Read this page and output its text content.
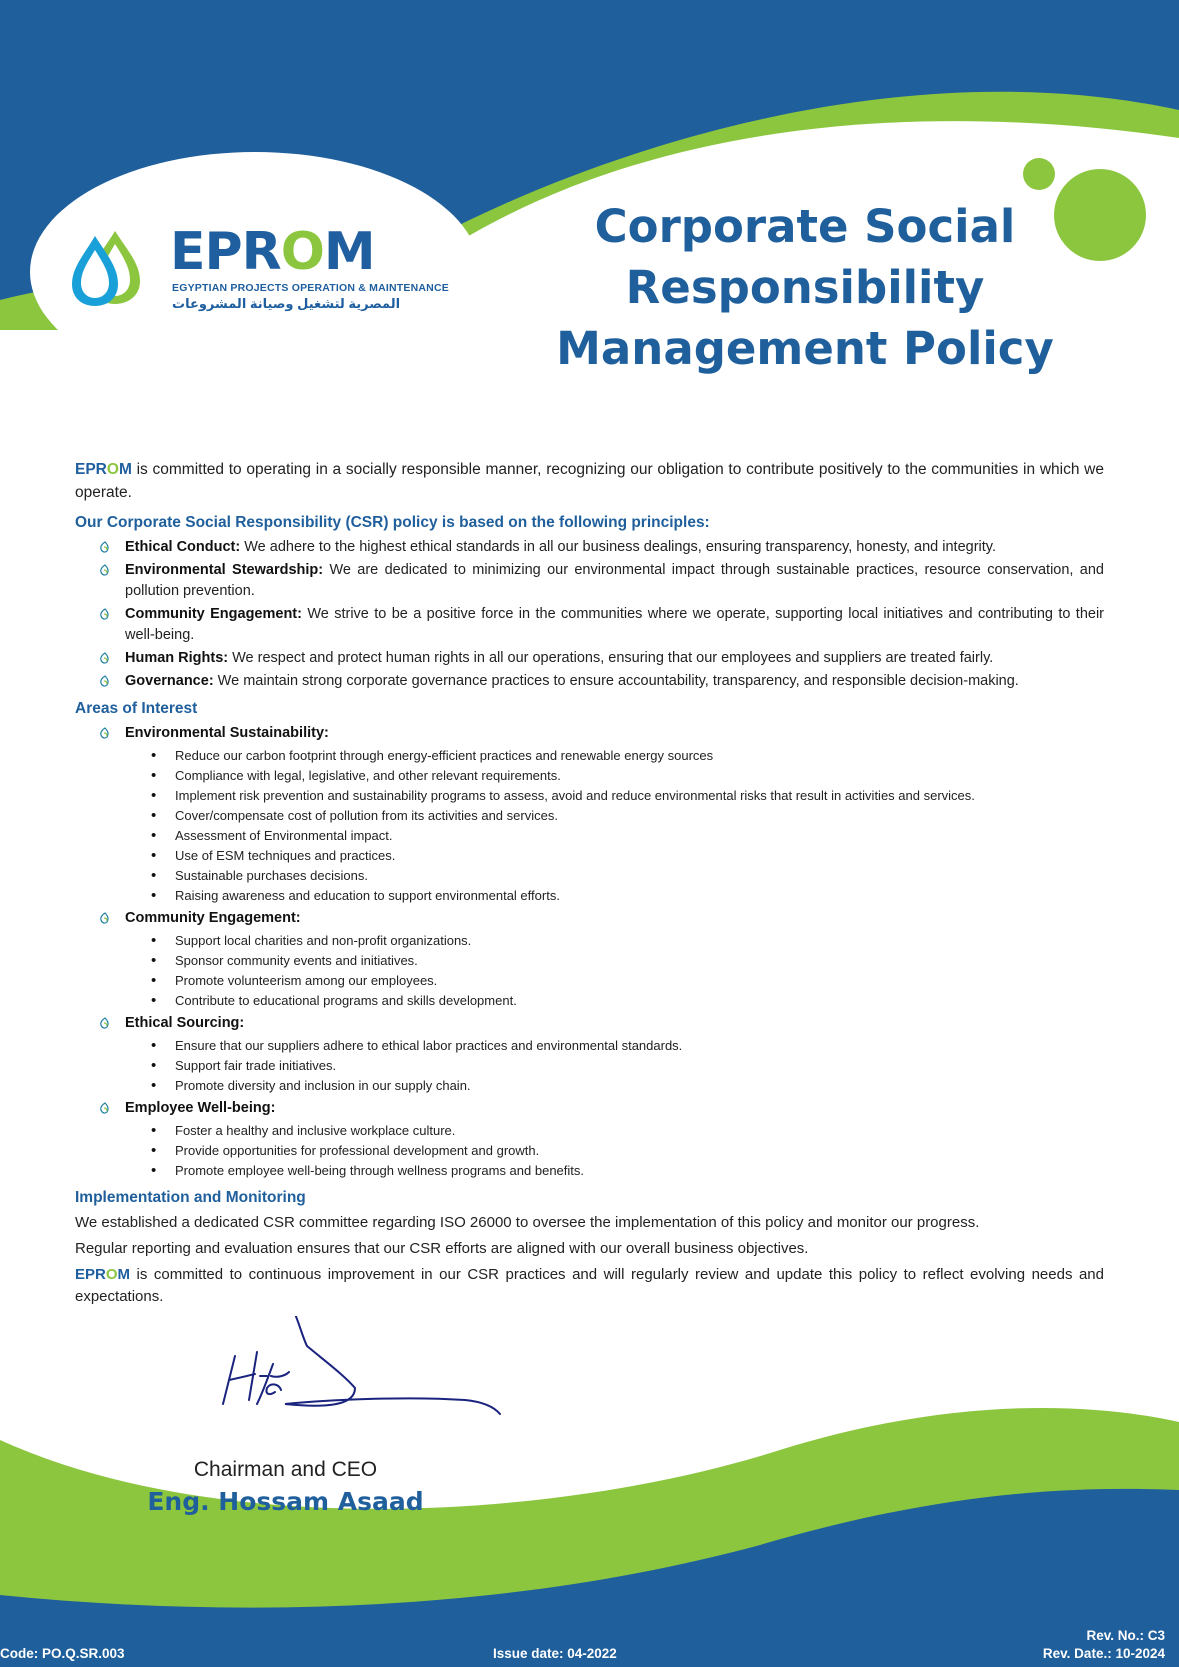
EPROM
EGYPTIAN PROJECTS OPERATION & MAINTENANCE
المصرية لتشغيل وصيانة المشروعات
Corporate Social
Responsibility
Management Policy

EPROM is committed to operating in a socially responsible manner, recognizing our obligation to contribute positively to the communities in which we operate.

Our Corporate Social Responsibility (CSR) policy is based on the following principles:
Ethical Conduct: We adhere to the highest ethical standards in all our business dealings, ensuring transparency, honesty, and integrity.
Environmental Stewardship: We are dedicated to minimizing our environmental impact through sustainable practices, resource conservation, and pollution prevention.
Community Engagement: We strive to be a positive force in the communities where we operate, supporting local initiatives and contributing to their well-being.
Human Rights: We respect and protect human rights in all our operations, ensuring that our employees and suppliers are treated fairly.
Governance: We maintain strong corporate governance practices to ensure accountability, transparency, and responsible decision-making.
Areas of Interest
Environmental Sustainability:
• Reduce our carbon footprint through energy-efficient practices and renewable energy sources
• Compliance with legal, legislative, and other relevant requirements.
• Implement risk prevention and sustainability programs to assess, avoid and reduce environmental risks that result in activities and services.
• Cover/compensate cost of pollution from its activities and services.
• Assessment of Environmental impact.
• Use of ESM techniques and practices.
• Sustainable purchases decisions.
• Raising awareness and education to support environmental efforts.
Community Engagement:
• Support local charities and non-profit organizations.
• Sponsor community events and initiatives.
• Promote volunteerism among our employees.
• Contribute to educational programs and skills development.
Ethical Sourcing:
• Ensure that our suppliers adhere to ethical labor practices and environmental standards.
• Support fair trade initiatives.
• Promote diversity and inclusion in our supply chain.
Employee Well-being:
• Foster a healthy and inclusive workplace culture.
• Provide opportunities for professional development and growth.
• Promote employee well-being through wellness programs and benefits.
Implementation and Monitoring

We established a dedicated CSR committee regarding ISO 26000 to oversee the implementation of this policy and monitor our progress.

Regular reporting and evaluation ensures that our CSR efforts are aligned with our overall business objectives.

EPROM is committed to continuous improvement in our CSR practices and will regularly review and update this policy to reflect evolving needs and expectations.

Chairman and CEO
Eng. Hossam Asaad
Code: PO.Q.SR.003	Issue date: 04-2022
Rev. No.: C3
Rev. Date.: 10-2024
